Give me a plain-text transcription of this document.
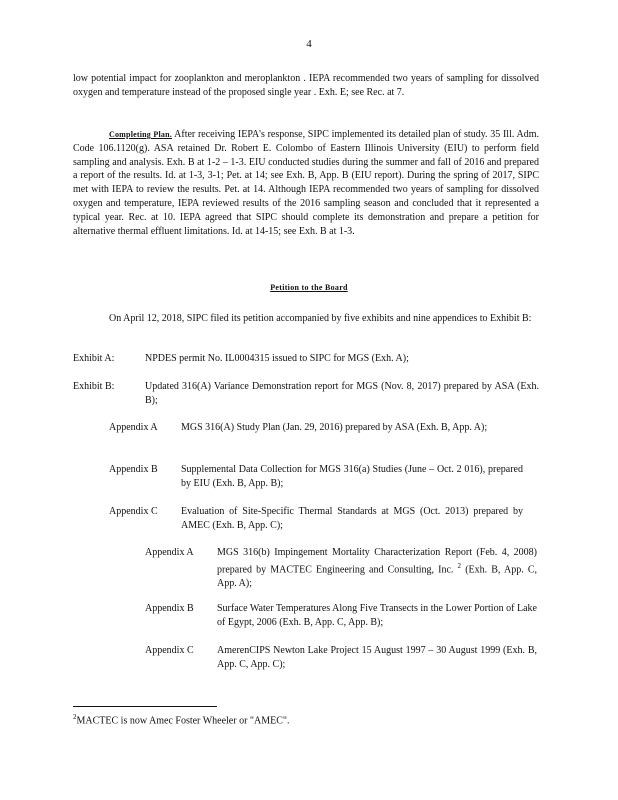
4

low potential impact for zooplankton and meroplankton . IEPA recommended two years of sampling for dissolved oxygen and temperature instead of the proposed single year . Exh. E; see Rec. at 7.

Completing Plan. After receiving IEPA's response, SIPC implemented its detailed plan of study. 35 Ill. Adm. Code 106.1120(g). ASA retained Dr. Robert E. Colombo of Eastern Illinois University (EIU) to perform field sampling and analysis. Exh. B at 1-2 – 1-3. EIU conducted studies during the summer and fall of 2016 and prepared a report of the results. Id. at 1-3, 3-1; Pet. at 14; see Exh. B, App. B (EIU report). During the spring of 2017, SIPC met with IEPA to review the results. Pet. at 14. Although IEPA recommended two years of sampling for dissolved oxygen and temperature, IEPA reviewed results of the 2016 sampling season and concluded that it represented a typical year. Rec. at 10. IEPA agreed that SIPC should complete its demonstration and prepare a petition for alternative thermal effluent limitations. Id. at 14-15; see Exh. B at 1-3.

Petition to the Board

On April 12, 2018, SIPC filed its petition accompanied by five exhibits and nine appendices to Exhibit B:

Exhibit A:	NPDES permit No. IL0004315 issued to SIPC for MGS (Exh. A);
Exhibit B:	Updated 316(A) Variance Demonstration report for MGS (Nov. 8, 2017) prepared by ASA (Exh. B);
Appendix A MGS 316(A) Study Plan (Jan. 29, 2016) prepared by ASA (Exh. B, App. A);
Appendix B Supplemental Data Collection for MGS 316(a) Studies (June – Oct. 2 016), prepared by EIU (Exh. B, App. B);
Appendix C Evaluation of Site-Specific Thermal Standards at MGS (Oct. 2013) prepared by AMEC (Exh. B, App. C);
Appendix A MGS 316(b) Impingement Mortality Characterization Report (Feb. 4, 2008) prepared by MACTEC Engineering and Consulting, Inc. $^2$ (Exh. B, App. C, App. A);
Appendix B Surface Water Temperatures Along Five Transects in the Lower Portion of Lake of Egypt, 2006 (Exh. B, App. C, App. B);
Appendix C AmerenCIPS Newton Lake Project 15 August 1997 – 30 August 1999 (Exh. B, App. C, App. C);
$^2$MACTEC is now Amec Foster Wheeler or "AMEC".
